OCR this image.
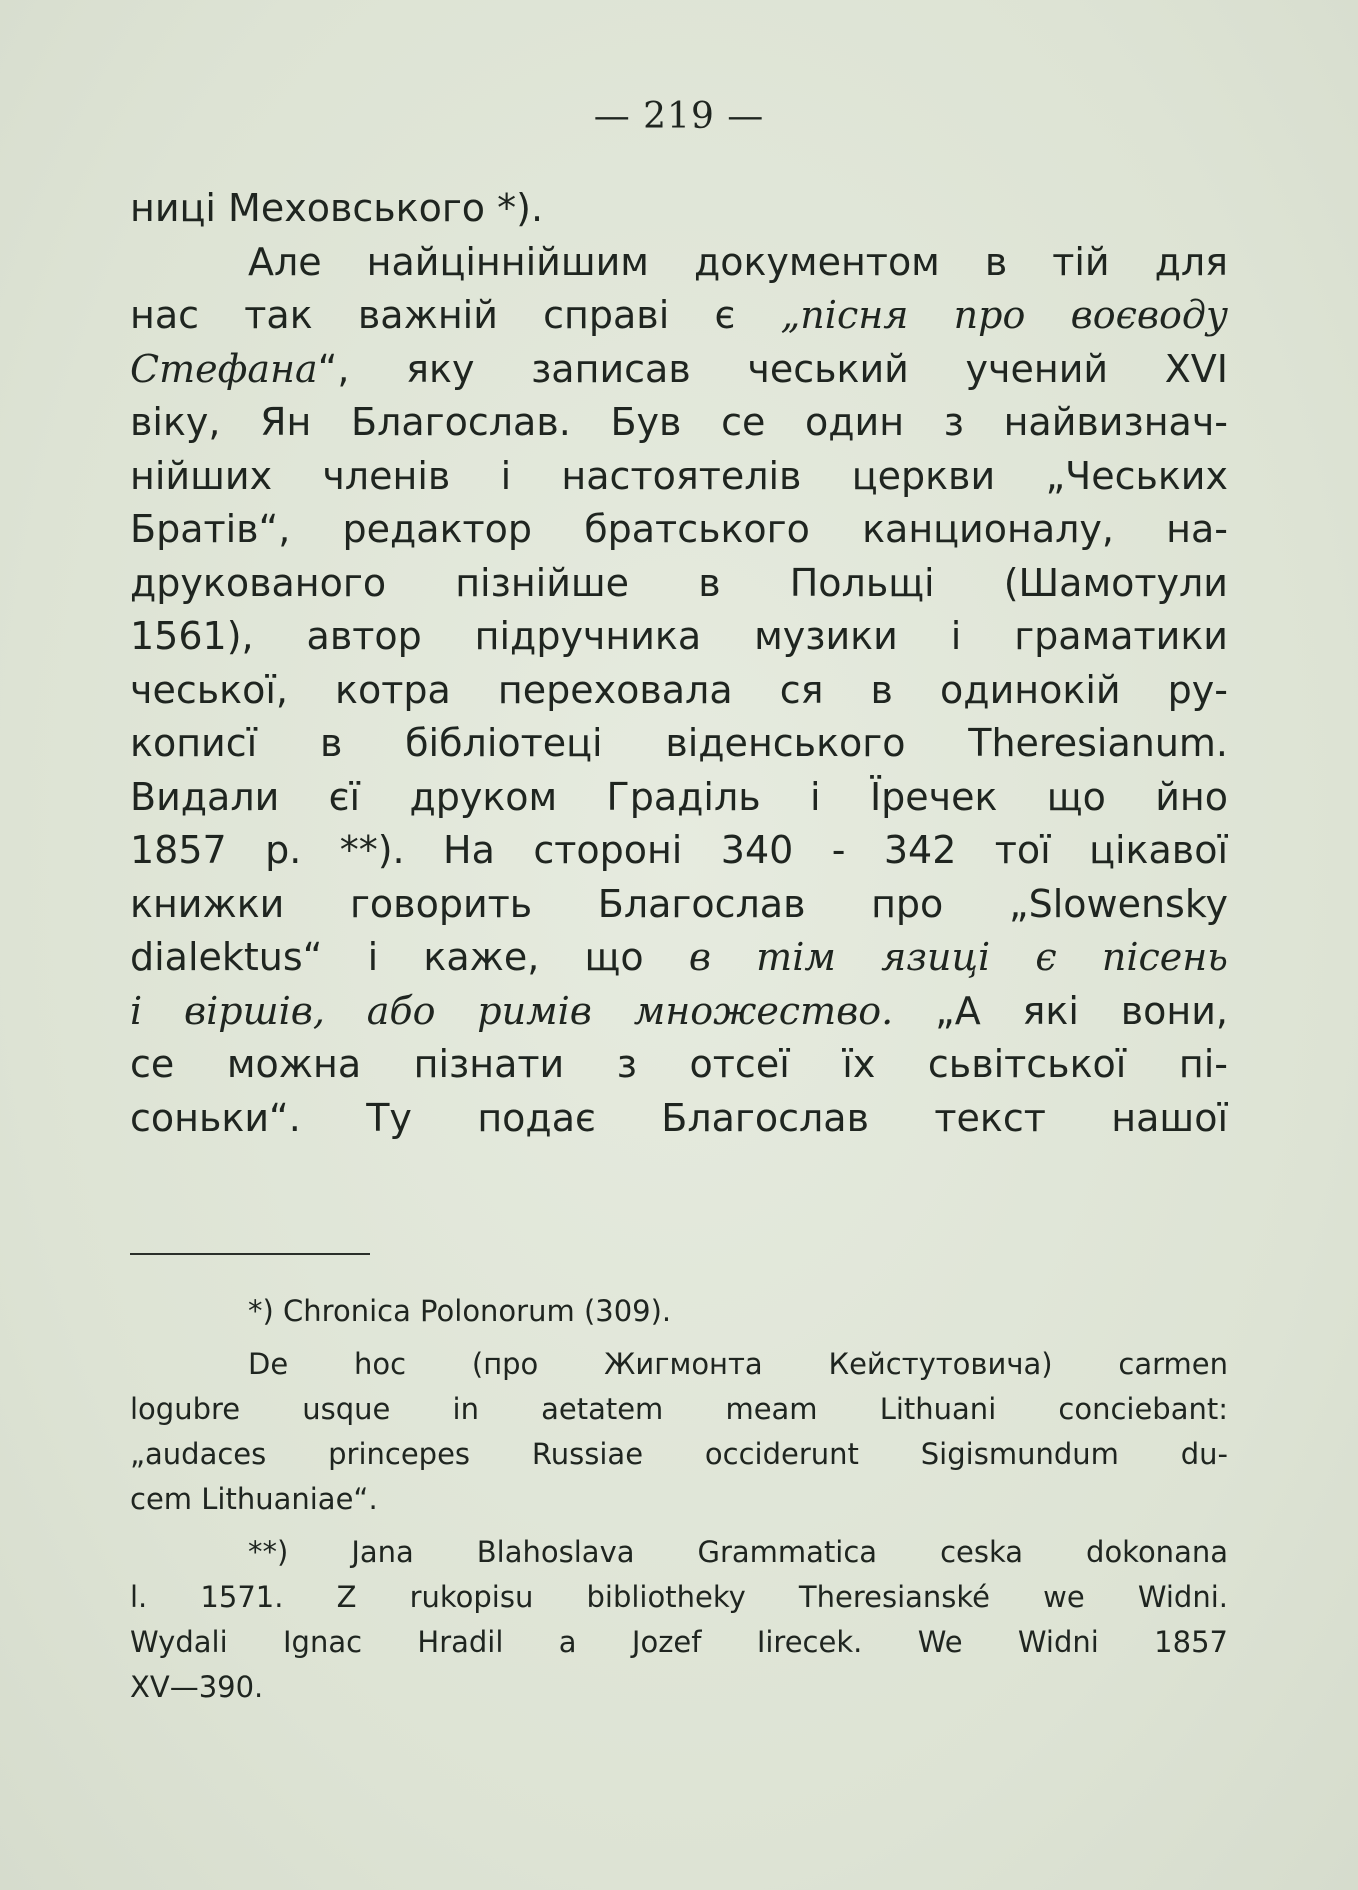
— 219 —
ниці Меховського *).
Але найціннійшим документом в тій для
нас так важній справі є „пісня про воєводу
Стефана“, яку записав чеський учений XVI
віку, Ян Благослав. Був се один з найвизнач-
нійших членів і настоятелів церкви „Чеських
Братів“, редактор братського канционалу, на-
друкованого пізнійше в Польщі (Шамотули
1561), автор підручника музики і граматики
чеської, котра переховала ся в одинокій ру-
кописї в бібліотеці віденського Theresianum.
Видали єї друком Граділь і Їречек що йно
1857 р. **). На стороні 340 - 342 тої цікавої
книжки говорить Благослав про „Slowensky
dialektus“ і каже, що в тім язиці є пісень
і віршів, або римів множество. „А які вони,
се можна пізнати з отсеї їх сьвітської пі-
соньки“. Ту подає Благослав текст нашої
*) Chronica Polonorum (309).
De hoc (про Жигмонта Кейстутовича) carmen
logubre usque in aetatem meam Lithuani conciebant:
„audaces princepes Russiae occiderunt Sigismundum du-
cem Lithuaniae“.
**) Jana Blahoslava Grammatica ceska dokonana
l. 1571. Z rukopisu bibliotheky Theresianské we Widni.
Wydali Ignac Hradil a Jozef Iirecek. We Widni 1857
XV—390.
